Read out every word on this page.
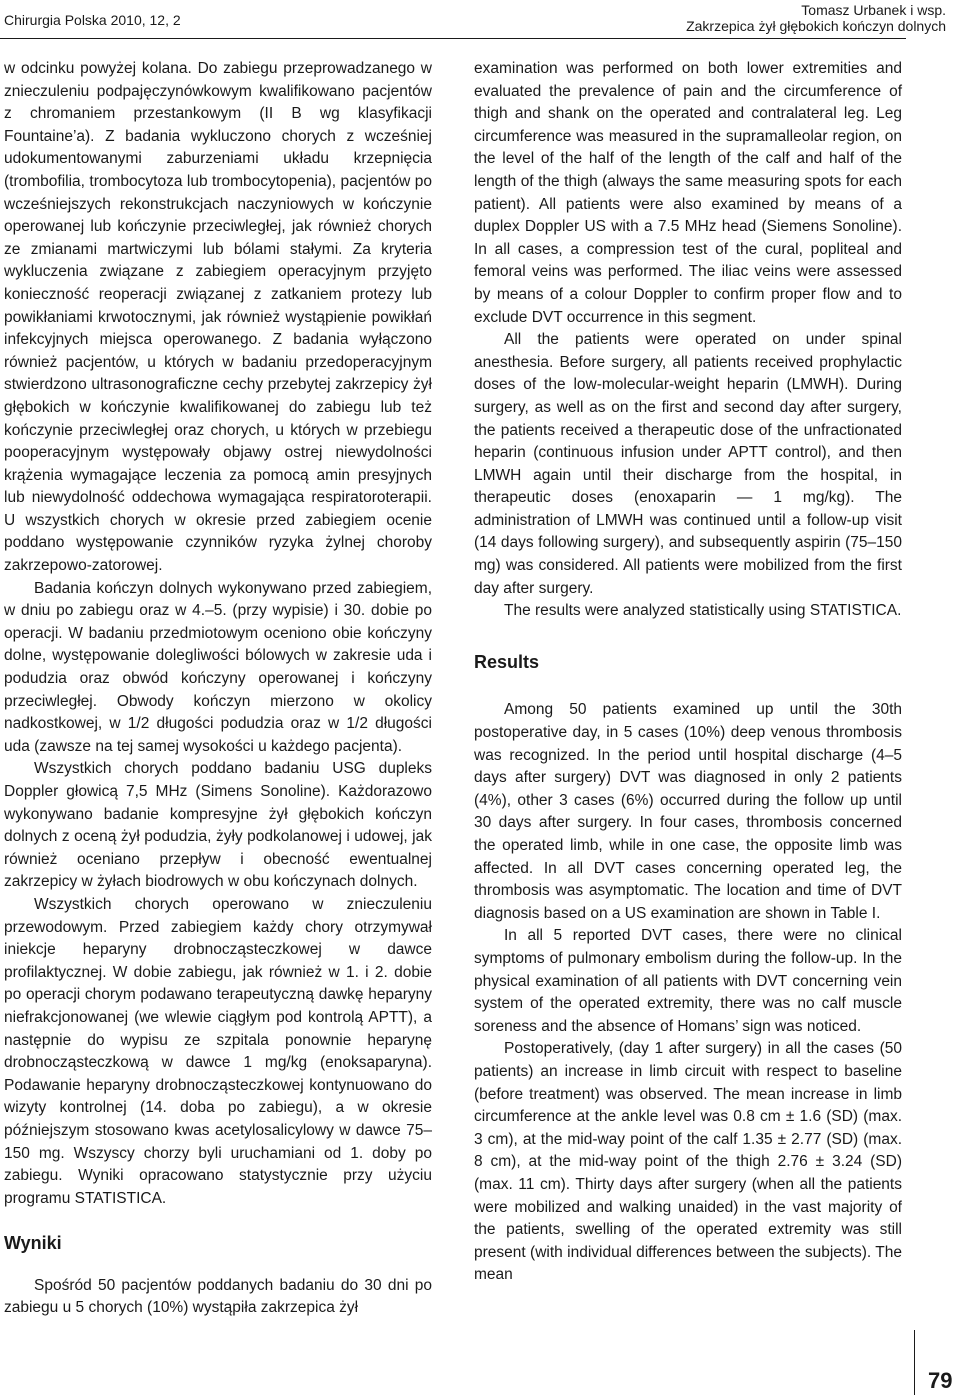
Chirurgia Polska 2010, 12, 2
Tomasz Urbanek i wsp.
Zakrzepica żył głębokich kończyn dolnych

w odcinku powyżej kolana. Do zabiegu przeprowadzanego w znieczuleniu podpajęczynówkowym kwalifikowano pacjentów z chromaniem przestankowym (II B wg klasyfikacji Fountaine’a). Z badania wykluczono chorych z wcześniej udokumentowanymi zaburzeniami układu krzepnięcia (trombofilia, trombocytoza lub trombocytopenia), pacjentów po wcześniejszych rekonstrukcjach naczyniowych w kończynie operowanej lub kończynie przeciwległej, jak również chorych ze zmianami martwiczymi lub bólami stałymi. Za kryteria wykluczenia związane z zabiegiem operacyjnym przyjęto konieczność reoperacji związanej z zatkaniem protezy lub powikłaniami krwotocznymi, jak również wystąpienie powikłań infekcyjnych miejsca operowanego. Z badania wyłączono również pacjentów, u których w badaniu przedoperacyjnym stwierdzono ultrasonograficzne cechy przebytej zakrzepicy żył głębokich w kończynie kwalifikowanej do zabiegu lub też kończynie przeciwległej oraz chorych, u których w przebiegu pooperacyjnym występowały objawy ostrej niewydolności krążenia wymagające leczenia za pomocą amin presyjnych lub niewydolność oddechowa wymagająca respiratoroterapii. U wszystkich chorych w okresie przed zabiegiem ocenie poddano występowanie czynników ryzyka żylnej choroby zakrzepowo-zatorowej.

Badania kończyn dolnych wykonywano przed zabiegiem, w dniu po zabiegu oraz w 4.–5. (przy wypisie) i 30. dobie po operacji. W badaniu przedmiotowym oceniono obie kończyny dolne, występowanie dolegliwości bólowych w zakresie uda i podudzia oraz obwód kończyny operowanej i kończyny przeciwległej. Obwody kończyn mierzono w okolicy nadkostkowej, w 1/2 długości podudzia oraz w 1/2 długości uda (zawsze na tej samej wysokości u każdego pacjenta).

Wszystkich chorych poddano badaniu USG dupleks Doppler głowicą 7,5 MHz (Simens Sonoline). Każdorazowo wykonywano badanie kompresyjne żył głębokich kończyn dolnych z oceną żył podudzia, żyły podkolanowej i udowej, jak również oceniano przepływ i obecność ewentualnej zakrzepicy w żyłach biodrowych w obu kończynach dolnych.

Wszystkich chorych operowano w znieczuleniu przewodowym. Przed zabiegiem każdy chory otrzymywał iniekcje heparyny drobnocząsteczkowej w dawce profilaktycznej. W dobie zabiegu, jak również w 1. i 2. dobie po operacji chorym podawano terapeutyczną dawkę heparyny niefrakcjonowanej (we wlewie ciągłym pod kontrolą APTT), a następnie do wypisu ze szpitala ponownie heparynę drobnocząsteczkową w dawce 1 mg/kg (enoksaparyna). Podawanie heparyny drobnocząsteczkowej kontynuowano do wizyty kontrolnej (14. doba po zabiegu), a w okresie późniejszym stosowano kwas acetylosalicylowy w dawce 75–150 mg. Wszyscy chorzy byli uruchamiani od 1. doby po zabiegu. Wyniki opracowano statystycznie przy użyciu programu STATISTICA.

Wyniki

Spośród 50 pacjentów poddanych badaniu do 30 dni po zabiegu u 5 chorych (10%) wystąpiła zakrzepica żył

examination was performed on both lower extremities and evaluated the prevalence of pain and the circumference of thigh and shank on the operated and contralateral leg. Leg circumference was measured in the supramalleolar region, on the level of the half of the length of the calf and half of the length of the thigh (always the same measuring spots for each patient). All patients were also examined by means of a duplex Doppler US with a 7.5 MHz head (Siemens Sonoline). In all cases, a compression test of the cural, popliteal and femoral veins was performed. The iliac veins were assessed by means of a colour Doppler to confirm proper flow and to exclude DVT occurrence in this segment.

All the patients were operated on under spinal anesthesia. Before surgery, all patients received prophylactic doses of the low-molecular-weight heparin (LMWH). During surgery, as well as on the first and second day after surgery, the patients received a therapeutic dose of the unfractionated heparin (continuous infusion under APTT control), and then LMWH again until their discharge from the hospital, in therapeutic doses (enoxaparin — 1 mg/kg). The administration of LMWH was continued until a follow-up visit (14 days following surgery), and subsequently aspirin (75–150 mg) was considered. All patients were mobilized from the first day after surgery.

The results were analyzed statistically using STATISTICA.

Results

Among 50 patients examined up until the 30th postoperative day, in 5 cases (10%) deep venous thrombosis was recognized. In the period until hospital discharge (4–5 days after surgery) DVT was diagnosed in only 2 patients (4%), other 3 cases (6%) occurred during the follow up until 30 days after surgery. In four cases, thrombosis concerned the operated limb, while in one case, the opposite limb was affected. In all DVT cases concerning operated leg, the thrombosis was asymptomatic. The location and time of DVT diagnosis based on a US examination are shown in Table I.

In all 5 reported DVT cases, there were no clinical symptoms of pulmonary embolism during the follow-up. In the physical examination of all patients with DVT concerning vein system of the operated extremity, there was no calf muscle soreness and the absence of Homans’ sign was noticed.

Postoperatively, (day 1 after surgery) in all the cases (50 patients) an increase in limb circuit with respect to baseline (before treatment) was observed. The mean increase in limb circumference at the ankle level was 0.8 cm ± 1.6 (SD) (max. 3 cm), at the mid-way point of the calf 1.35 ± 2.77 (SD) (max. 8 cm), at the mid-way point of the thigh 2.76 ± 3.24 (SD) (max. 11 cm). Thirty days after surgery (when all the patients were mobilized and walking unaided) in the vast majority of the patients, swelling of the operated extremity was still present (with individual differences between the subjects). The mean

79
